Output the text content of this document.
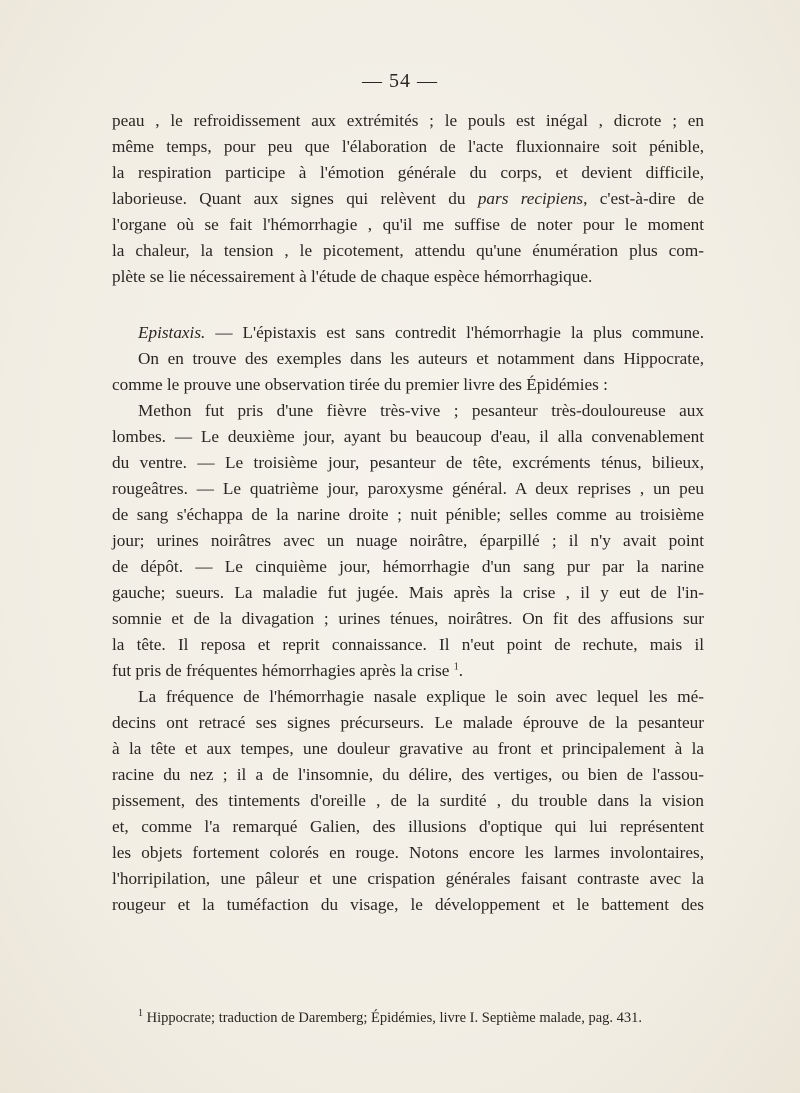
— 54 —
peau , le refroidissement aux extrémités ; le pouls est inégal , dicrote ; en
même temps, pour peu que l'élaboration de l'acte fluxionnaire soit pénible,
la respiration participe à l'émotion générale du corps, et devient difficile,
laborieuse. Quant aux signes qui relèvent du pars recipiens, c'est-à-dire de
l'organe où se fait l'hémorrhagie , qu'il me suffise de noter pour le moment
la chaleur, la tension , le picotement, attendu qu'une énumération plus com-
plète se lie nécessairement à l'étude de chaque espèce hémorrhagique.
Epistaxis. — L'épistaxis est sans contredit l'hémorrhagie la plus commune.
On en trouve des exemples dans les auteurs et notamment dans Hippocrate,
comme le prouve une observation tirée du premier livre des Épidémies :
Methon fut pris d'une fièvre très-vive ; pesanteur très-douloureuse aux
lombes. — Le deuxième jour, ayant bu beaucoup d'eau, il alla convenablement
du ventre. — Le troisième jour, pesanteur de tête, excréments ténus, bilieux,
rougeâtres. — Le quatrième jour, paroxysme général. A deux reprises , un peu
de sang s'échappa de la narine droite ; nuit pénible; selles comme au troisième
jour; urines noirâtres avec un nuage noirâtre, éparpillé ; il n'y avait point
de dépôt. — Le cinquième jour, hémorrhagie d'un sang pur par la narine
gauche; sueurs. La maladie fut jugée. Mais après la crise , il y eut de l'in-
somnie et de la divagation ; urines ténues, noirâtres. On fit des affusions sur
la tête. Il reposa et reprit connaissance. Il n'eut point de rechute, mais il
fut pris de fréquentes hémorrhagies après la crise $^1$.
La fréquence de l'hémorrhagie nasale explique le soin avec lequel les mé-
decins ont retracé ses signes précurseurs. Le malade éprouve de la pesanteur
à la tête et aux tempes, une douleur gravative au front et principalement à la
racine du nez ; il a de l'insomnie, du délire, des vertiges, ou bien de l'assou-
pissement, des tintements d'oreille , de la surdité , du trouble dans la vision
et, comme l'a remarqué Galien, des illusions d'optique qui lui représentent
les objets fortement colorés en rouge. Notons encore les larmes involontaires,
l'horripilation, une pâleur et une crispation générales faisant contraste avec la
rougeur et la tuméfaction du visage, le développement et le battement des
$^1$ Hippocrate; traduction de Daremberg; Épidémies, livre I. Septième malade, pag. 431.
